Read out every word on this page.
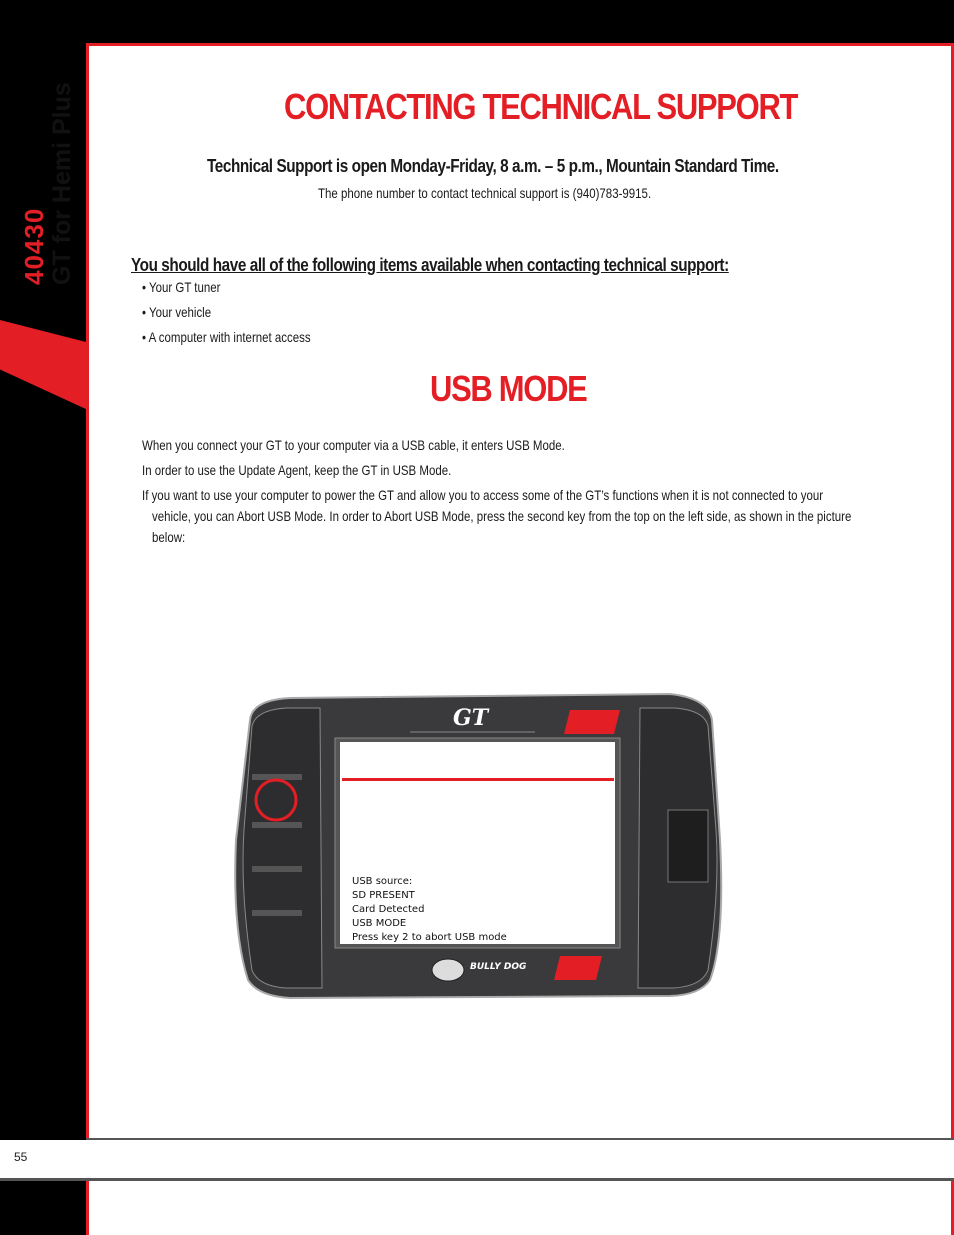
40430 GT for Hemi Plus	CONTACTING TECHNICAL SUPPORT
Technical Support is open Monday-Friday, 8 a.m. – 5 p.m., Mountain Standard Time.
The phone number to contact technical support is (940)783-9915.
You should have all of the following items available when contacting technical support:
• Your GT tuner
• Your vehicle
• A computer with internet access
USB MODE
When you connect your GT to your computer via a USB cable, it enters USB Mode.
In order to use the Update Agent, keep the GT in USB Mode.
If you want to use your computer to power the GT and allow you to access some of the GT’s functions when it is not connected to your
vehicle, you can Abort USB Mode. In order to Abort USB Mode, press the second key from the top on the left side, as shown in the picture
below:
GT
USB source:
SD PRESENT
Card Detected
USB MODE
Press key 2 to abort USB mode
BULLY DOG
55
